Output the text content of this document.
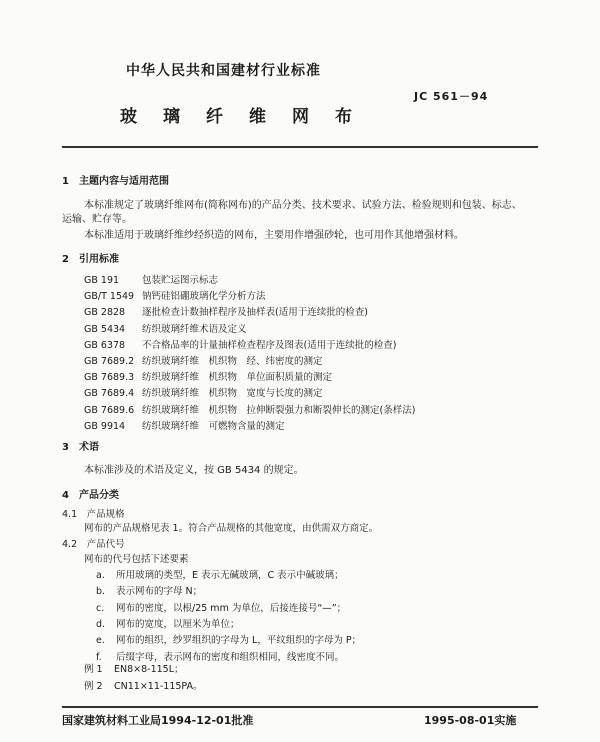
中华人民共和国建材行业标准
JC 561－94
玻璃纤维网布
1　主题内容与适用范围
本标准规定了玻璃纤维网布(简称网布)的产品分类、技术要求、试验方法、检验规则和包装、标志、
运输、贮存等。
本标准适用于玻璃纤维纱经织造的网布，主要用作增强砂轮，也可用作其他增强材料。
2　引用标准
GB 191 包装贮运图示标志
GB/T 1549 钠钙硅铝硼玻璃化学分析方法
GB 2828 逐批检查计数抽样程序及抽样表(适用于连续批的检查)
GB 5434 纺织玻璃纤维术语及定义
GB 6378 不合格品率的计量抽样检查程序及图表(适用于连续批的检查)
GB 7689.2 纺织玻璃纤维　机织物　经、纬密度的测定
GB 7689.3 纺织玻璃纤维　机织物　单位面积质量的测定
GB 7689.4 纺织玻璃纤维　机织物　宽度与长度的测定
GB 7689.6 纺织玻璃纤维　机织物　拉伸断裂强力和断裂伸长的测定(条样法)
GB 9914 纺织玻璃纤维　可燃物含量的测定
3　术语
本标准涉及的术语及定义，按 GB 5434 的规定。
4　产品分类
4.1　产品规格
网布的产品规格见表 1。符合产品规格的其他宽度，由供需双方商定。
4.2　产品代号
网布的代号包括下述要素
a. 所用玻璃的类型，E 表示无碱玻璃，C 表示中碱玻璃；
b. 表示网布的字母 N；
c. 网布的密度，以根/25 mm 为单位，后接连接号“—”；
d. 网布的宽度，以厘米为单位；
e. 网布的组织，纱罗组织的字母为 L，平纹组织的字母为 P；
f. 后缀字母，表示网布的密度和组织相同，线密度不同。
例 1 EN8×8-115L；
例 2 CN11×11-115PA。
国家建筑材料工业局1994-12-01批准	1995-08-01实施
